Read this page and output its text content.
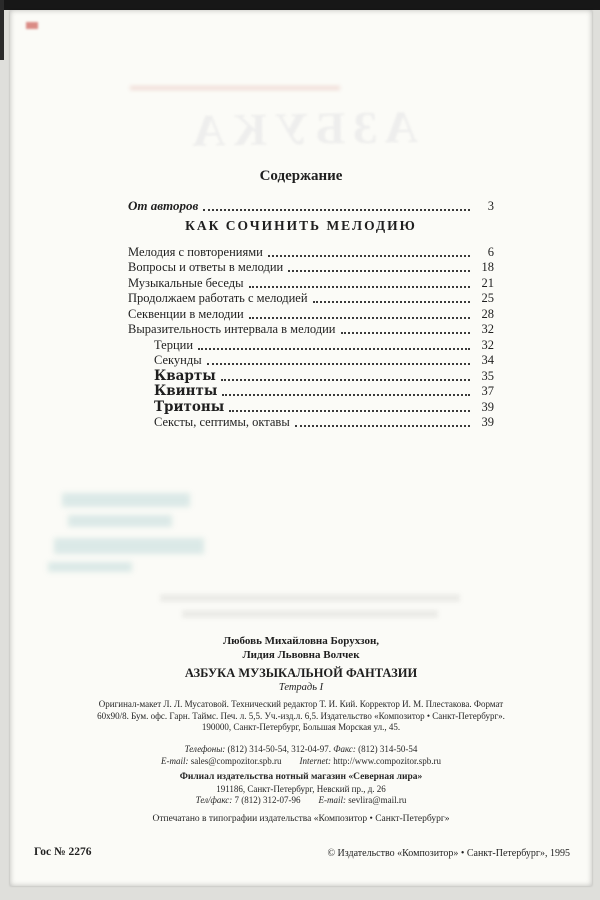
АЗБУКА
Содержание
От авторов	3
КАК СОЧИНИТЬ МЕЛОДИЮ
Мелодия с повторениями	6
Вопросы и ответы в мелодии	18
Музыкальные беседы	21
Продолжаем работать с мелодией	25
Секвенции в мелодии	28
Выразительность интервала в мелодии	32
Терции	32
Секунды	34
Кварты	35
Квинты	37
Тритоны	39
Сексты, септимы, октавы	39
Любовь Михайловна Борухзон,
Лидия Львовна Волчек
АЗБУКА МУЗЫКАЛЬНОЙ ФАНТАЗИИ
Тетрадь I
Оригинал-макет Л. Л. Мусатовой. Технический редактор Т. И. Кий. Корректор И. М. Плестакова. Формат
60x90/8. Бум. офс. Гарн. Таймс. Печ. л. 5,5. Уч.-изд.л. 6,5. Издательство «Композитор • Санкт-Петербург».
190000, Санкт-Петербург, Большая Морская ул., 45.
Телефоны: (812) 314-50-54, 312-04-97. Факс: (812) 314-50-54
E-mail: sales@compozitor.spb.ru Internet: http://www.compozitor.spb.ru
Филиал издательства нотный магазин «Северная лира»
191186, Санкт-Петербург, Невский пр., д. 26
Тел/факс: 7 (812) 312-07-96 E-mail: sevlira@mail.ru
Отпечатано в типографии издательства «Композитор • Санкт-Петербург»
Гос № 2276	© Издательство «Композитор» • Санкт-Петербург», 1995
